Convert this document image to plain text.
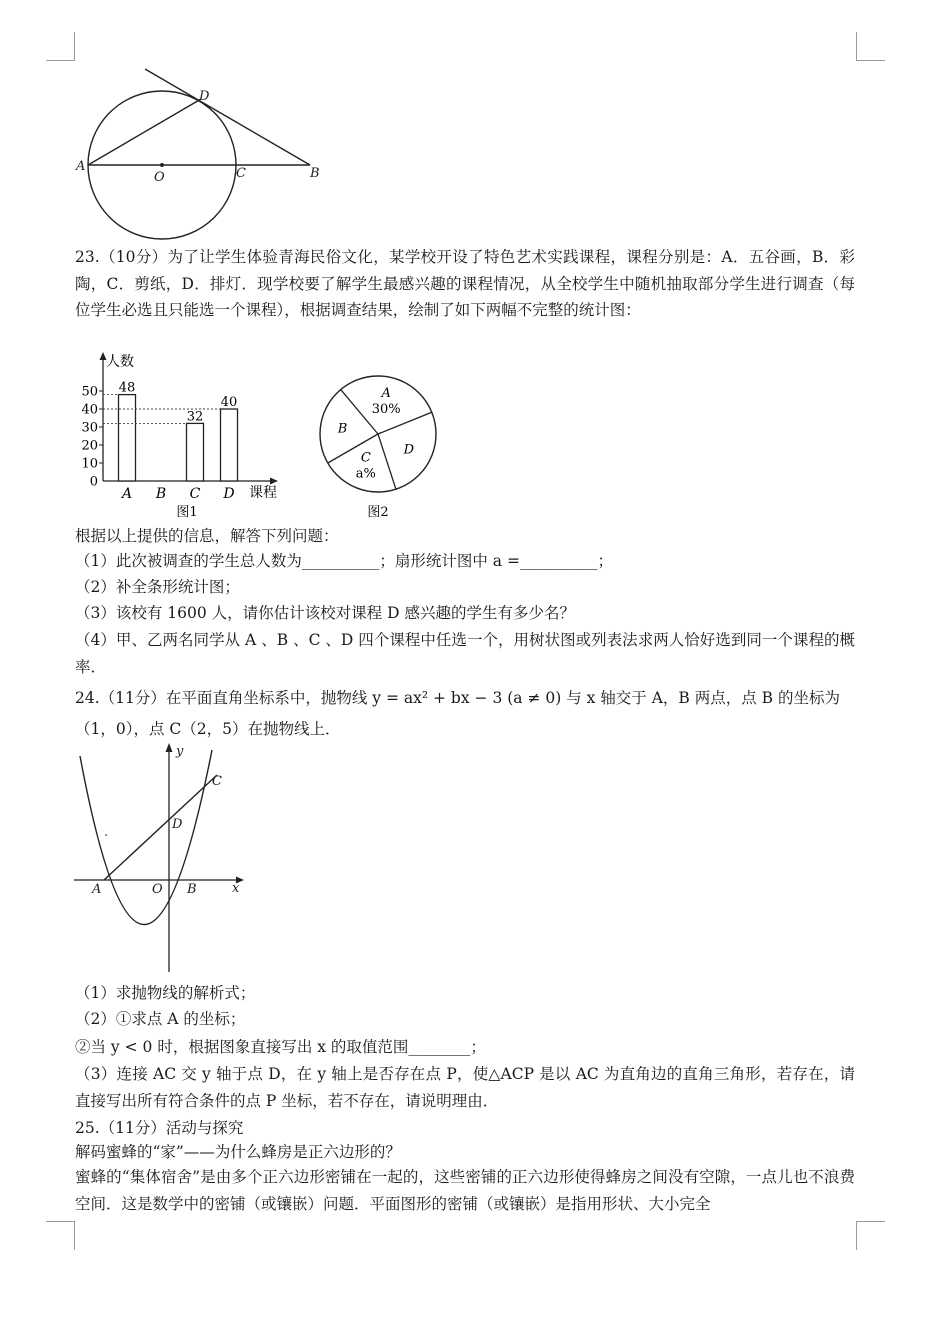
A
O	C	B
D
23.（10分）为了让学生体验青海民俗文化，某学校开设了特色艺术实践课程，课程分别是：A．五谷画，B．彩陶，C．剪纸，D．排灯．现学校要了解学生最感兴趣的课程情况，从全校学生中随机抽取部分学生进行调查（每位学生必选且只能选一个课程），根据调查结果，绘制了如下两幅不完整的统计图：
人数
课程
0
10
20
30
40
50 48
A B
32
C
40
D
图1
A
30%
B
C
a%
D
图2
根据以上提供的信息，解答下列问题：
（1）此次被调查的学生总人数为__________；扇形统计图中 a =__________；
（2）补全条形统计图；
（3）该校有 1600 人，请你估计该校对课程 D 感兴趣的学生有多少名？
（4）甲、乙两名同学从 A 、B 、C 、D 四个课程中任选一个，用树状图或列表法求两人恰好选到同一个课程的概率．
24.（11分）在平面直角坐标系中，抛物线 y = ax² + bx − 3 (a ≠ 0) 与 x 轴交于 A，B 两点，点 B 的坐标为
（1，0），点 C（2，5）在抛物线上．
y
x
C
D
A	O B
（1）求抛物线的解析式；
（2）①求点 A 的坐标；
②当 y < 0 时，根据图象直接写出 x 的取值范围________；
（3）连接 AC 交 y 轴于点 D，在 y 轴上是否存在点 P，使△ACP 是以 AC 为直角边的直角三角形，若存在，请直接写出所有符合条件的点 P 坐标，若不存在，请说明理由．
25.（11分）活动与探究
解码蜜蜂的“家”——为什么蜂房是正六边形的？
蜜蜂的“集体宿舍”是由多个正六边形密铺在一起的，这些密铺的正六边形使得蜂房之间没有空隙，一点儿也不浪费空间．这是数学中的密铺（或镶嵌）问题．平面图形的密铺（或镶嵌）是指用形状、大小完全
